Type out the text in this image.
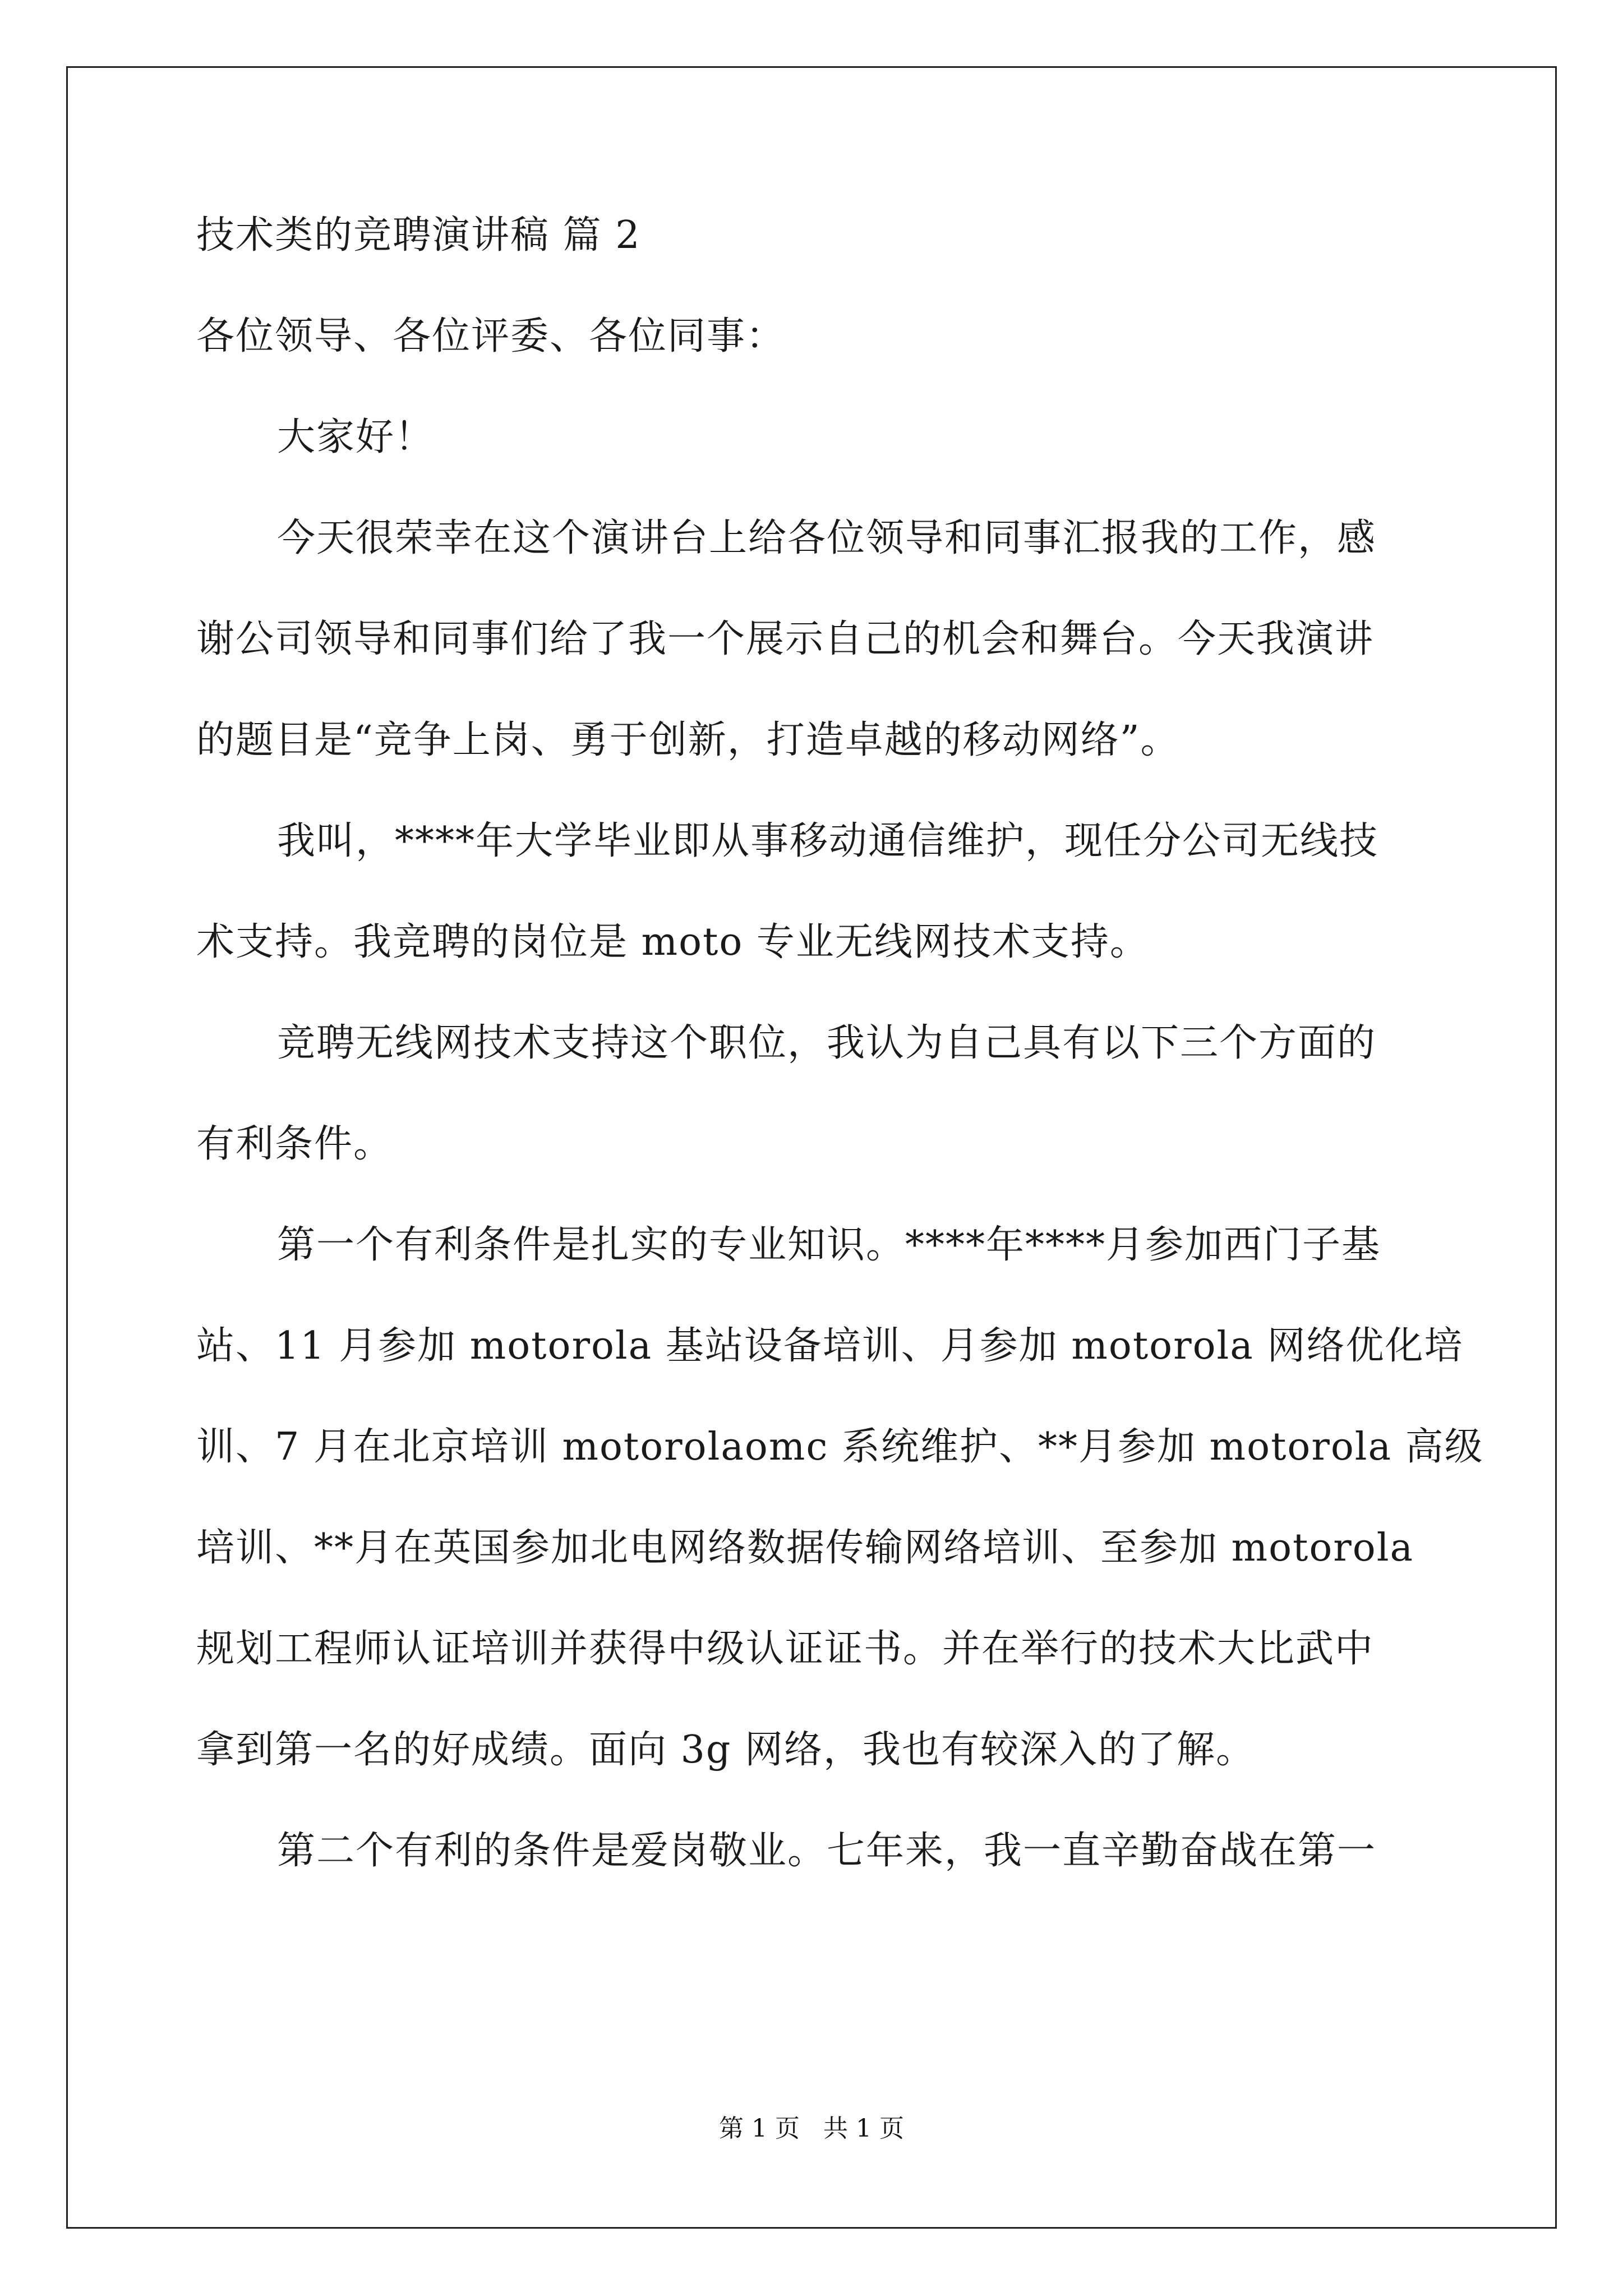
技术类的竞聘演讲稿 篇 2

各位领导、各位评委、各位同事：

大家好！

今天很荣幸在这个演讲台上给各位领导和同事汇报我的工作，感

谢公司领导和同事们给了我一个展示自己的机会和舞台。今天我演讲

的题目是“竞争上岗、勇于创新，打造卓越的移动网络”。

我叫，****年大学毕业即从事移动通信维护，现任分公司无线技

术支持。我竞聘的岗位是 moto 专业无线网技术支持。

竞聘无线网技术支持这个职位，我认为自己具有以下三个方面的

有利条件。

第一个有利条件是扎实的专业知识。****年****月参加西门子基

站、11 月参加 motorola 基站设备培训、月参加 motorola 网络优化培

训、7 月在北京培训 motorolaomc 系统维护、**月参加 motorola 高级

培训、**月在英国参加北电网络数据传输网络培训、至参加 motorola

规划工程师认证培训并获得中级认证证书。并在举行的技术大比武中

拿到第一名的好成绩。面向 3g 网络，我也有较深入的了解。

第二个有利的条件是爱岗敬业。七年来，我一直辛勤奋战在第一

第 1 页 共 1 页
